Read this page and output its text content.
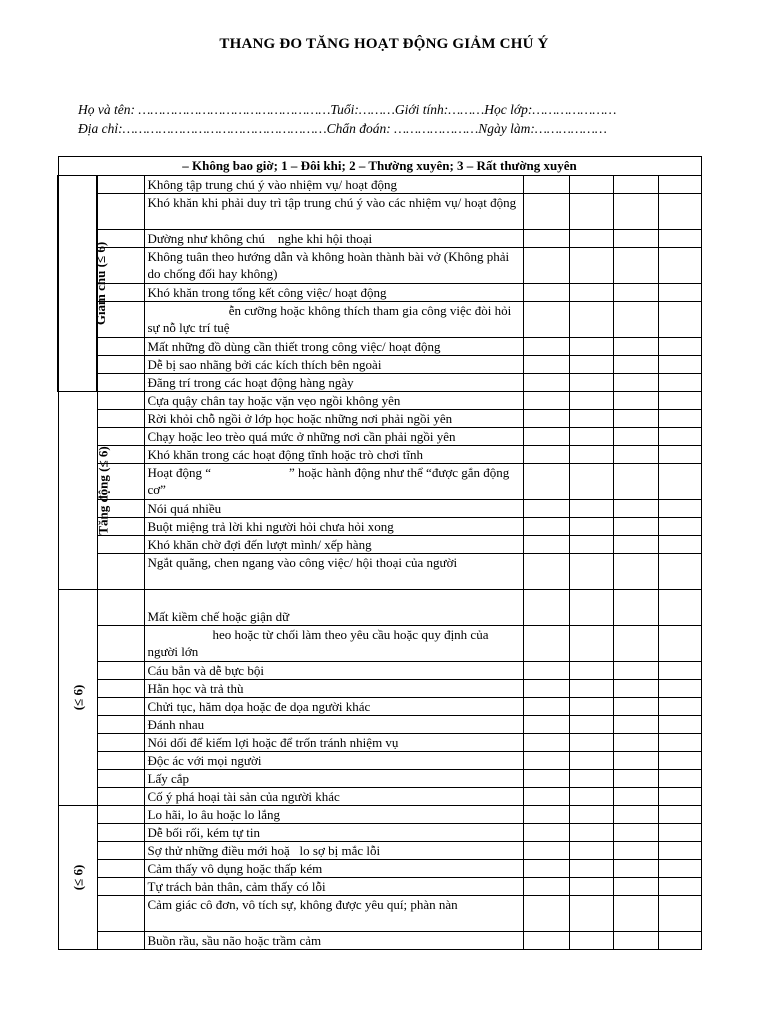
THANG ĐO TĂNG HOẠT ĐỘNG GIẢM CHÚ Ý
Họ và tên: …………………………………………Tuổi:………Giới tính:………Học lớp:…………………
Địa chỉ:……………………………………………Chẩn đoán: …………………Ngày làm:………………
– Không bao giờ; 1 – Đôi khi; 2 – Thường xuyên; 3 – Rất thường xuyên						
Giảm chú (≤ 6)		Không tập trung chú ý vào nhiệm vụ/ hoạt động				
		Khó khăn khi phải duy trì tập trung chú ý vào các nhiệm vụ/ hoạt động				
		Dường như không chú    nghe khi hội thoại				
		Không tuân theo hướng dẫn và không hoàn thành bài vở (Không phải do chống đối hay không)				
		Khó khăn trong tổng kết công việc/ hoạt động				
		ễn cưỡng hoặc không thích tham gia công việc đòi hỏi sự nỗ lực trí tuệ				
		Mất những đồ dùng cần thiết trong công việc/ hoạt động				
		Dễ bị sao nhãng bởi các kích thích bên ngoài				
		Đãng trí trong các hoạt động hàng ngày				
Tăng động (≤ 6)		Cựa quậy chân tay hoặc vặn vẹo ngồi không yên				
		Rời khỏi chỗ ngồi ở lớp học hoặc những nơi phải ngồi yên				
		Chạy hoặc leo trèo quá mức ở những nơi cần phải ngồi yên				
		Khó khăn trong các hoạt động tĩnh hoặc trò chơi tĩnh				
		Hoạt động “                        ” hoặc hành động như thể “được gắn động cơ”				
		Nói quá nhiều				
		Buột miệng trả lời khi người hỏi chưa hỏi xong				
		Khó khăn chờ đợi đến lượt mình/ xếp hàng				
		Ngắt quãng, chen ngang vào công việc/ hội thoại của người				
(≤ 6)		Mất kiềm chế hoặc giận dữ				
		heo hoặc từ chối làm theo yêu cầu hoặc quy định của người lớn				
		Cáu bẳn và dễ bực bội				
		Hằn học và trả thù				
		Chửi tục, hăm dọa hoặc đe dọa người khác				
		Đánh nhau				
		Nói dối để kiếm lợi hoặc để trốn tránh nhiệm vụ				
		Độc ác với mọi người				
		Lấy cắp				
		Cố ý phá hoại tài sản của người khác				
(≤ 6)		Lo hãi, lo âu hoặc lo lắng				
		Dễ bối rối, kém tự tin				
		Sợ thử những điều mới hoặ   lo sợ bị mắc lỗi				
		Cảm thấy vô dụng hoặc thấp kém				
		Tự trách bản thân, cảm thấy có lỗi				
		Cảm giác cô đơn, vô tích sự, không được yêu quí; phàn nàn				
		Buồn rầu, sầu não hoặc trầm cảm				
